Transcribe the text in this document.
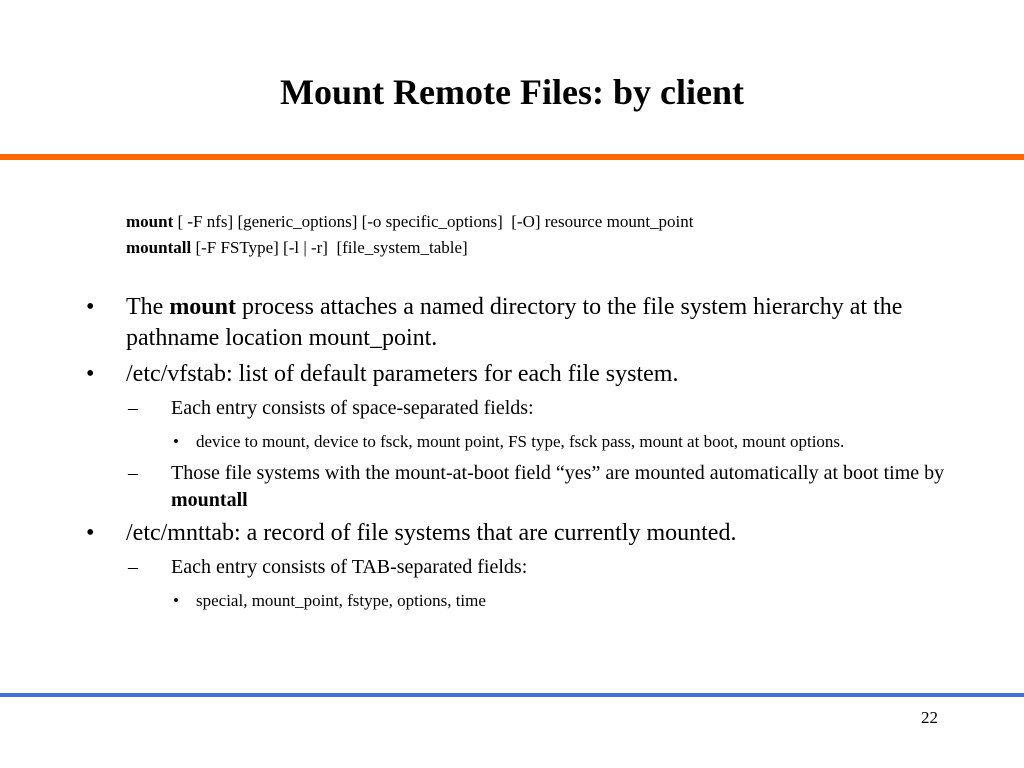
Mount Remote Files: by client
mount [ -F nfs] [generic_options] [-o specific_options]  [-O] resource mount_point
mountall [-F FSType] [-l | -r]  [file_system_table]
• The mount process attaches a named directory to the file system hierarchy at the pathname location mount_point.
• /etc/vfstab: list of default parameters for each file system.
– Each entry consists of space-separated fields:
• device to mount, device to fsck, mount point, FS type, fsck pass, mount at boot, mount options.
– Those file systems with the mount-at-boot field “yes” are mounted automatically at boot time by mountall
• /etc/mnttab: a record of file systems that are currently mounted.
– Each entry consists of TAB-separated fields:
• special, mount_point, fstype, options, time
22
